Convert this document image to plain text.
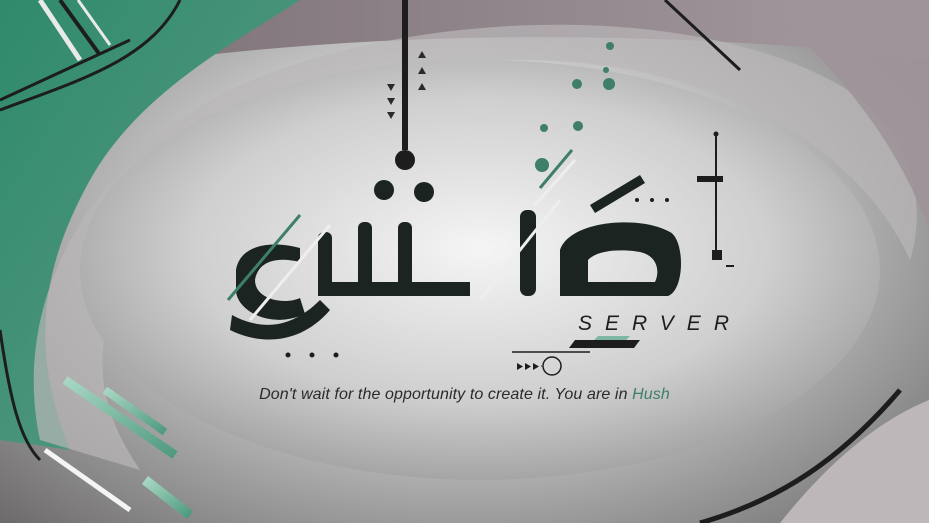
SERVER
Don't wait for the opportunity to create it. You are in Hush
